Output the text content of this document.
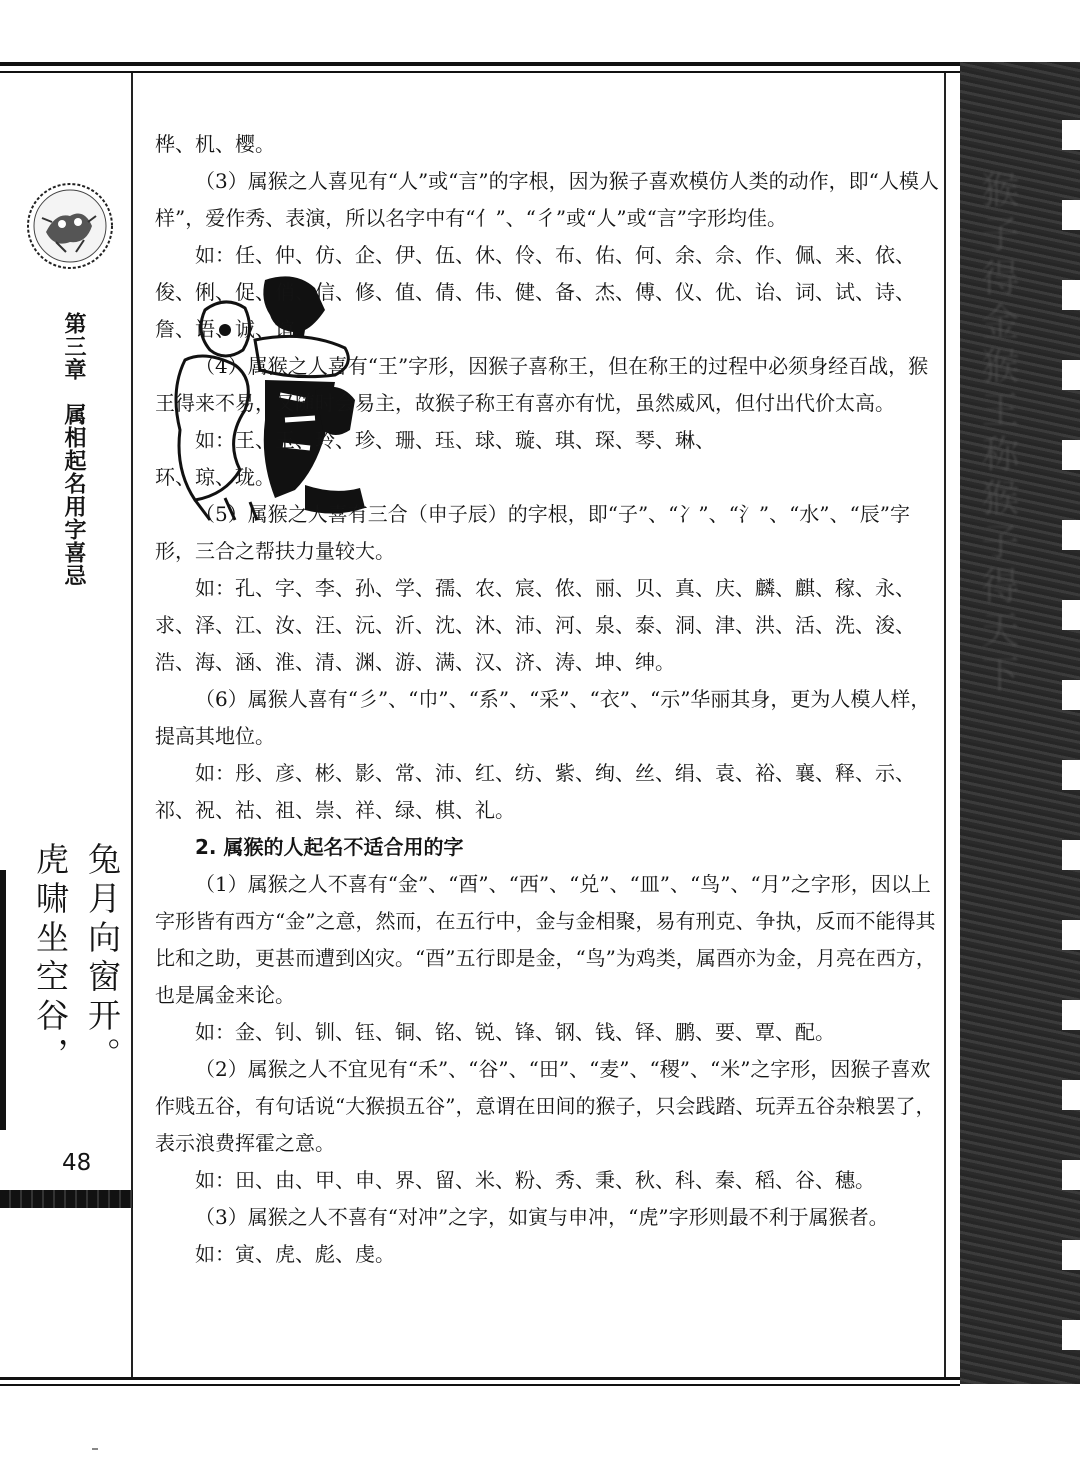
猴子得金猴王称猴子得天下
第三章属相起名用字喜忌
兔月向窗开。
虎啸坐空谷，
48

桦、机、樱。

（3）属猴之人喜见有“人”或“言”的字根，因为猴子喜欢模仿人类的动作，即“人模人样”，爱作秀、表演，所以名字中有“亻”、“彳”或“人”或“言”字形均佳。

如：任、仲、仿、企、伊、伍、休、伶、布、佑、何、余、佘、作、佩、来、依、俊、俐、促、俏、信、修、值、倩、伟、健、备、杰、傅、仪、优、诒、词、试、诗、詹、语、诚、谊。

（4）属猴之人喜有“王”字形，因猴子喜称王，但在称王的过程中必须身经百战，猴王得来不易，又随时会易主，故猴子称王有喜亦有忧，虽然威风，但付出代价太高。

如：王、玉、玲、珍、珊、珏、球、璇、琪、琛、琴、琳、

环、琼、珑。

（5）属猴之人喜有三合（申子辰）的字根，即“子”、“冫”、“氵”、“水”、“辰”字形，三合之帮扶力量较大。

如：孔、字、李、孙、学、孺、农、宸、侬、丽、贝、真、庆、麟、麒、稼、永、求、泽、江、汝、汪、沅、沂、沈、沐、沛、河、泉、泰、洞、津、洪、活、洗、浚、浩、海、涵、淮、清、渊、游、满、汉、济、涛、坤、绅。

（6）属猴人喜有“彡”、“巾”、“系”、“采”、“衣”、“示”华丽其身，更为人模人样，提高其地位。

如：彤、彦、彬、影、常、沛、红、纺、紫、绚、丝、绢、袁、裕、襄、释、示、祁、祝、祜、祖、崇、祥、绿、棋、礼。

2. 属猴的人起名不适合用的字

（1）属猴之人不喜有“金”、“酉”、“西”、“兑”、“皿”、“鸟”、“月”之字形，因以上字形皆有西方“金”之意，然而，在五行中，金与金相聚，易有刑克、争执，反而不能得其比和之助，更甚而遭到凶灾。“酉”五行即是金，“鸟”为鸡类，属酉亦为金，月亮在西方，也是属金来论。

如：金、钊、钏、钰、铜、铭、锐、锋、钢、钱、铎、鹏、要、覃、配。

（2）属猴之人不宜见有“禾”、“谷”、“田”、“麦”、“稷”、“米”之字形，因猴子喜欢作贱五谷，有句话说“大猴损五谷”，意谓在田间的猴子，只会践踏、玩弄五谷杂粮罢了，表示浪费挥霍之意。

如：田、由、甲、申、界、留、米、粉、秀、秉、秋、科、秦、稻、谷、穗。

（3）属猴之人不喜有“对冲”之字，如寅与申冲，“虎”字形则最不利于属猴者。

如：寅、虎、彪、虔。
